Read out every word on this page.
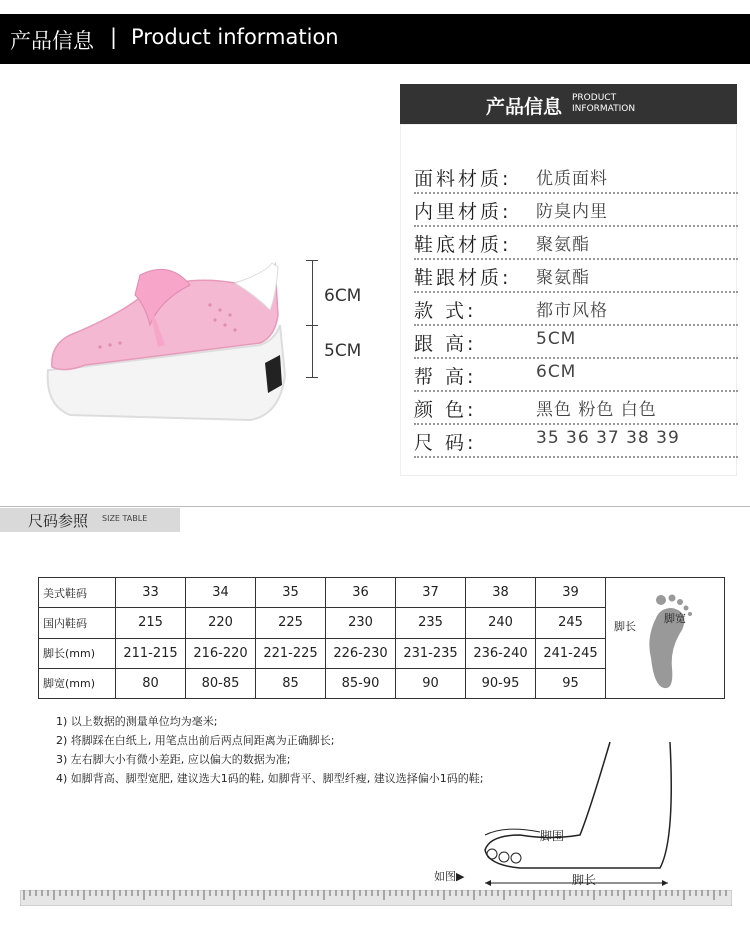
产品信息 | Product information
产品信息 PRODUCT
INFORMATION
面料材质: 优质面料
内里材质: 防臭内里
鞋底材质: 聚氨酯
鞋跟材质: 聚氨酯
款 式:	都市风格
跟 高:	5CM
帮 高:	6CM
颜 色:	黑色 粉色 白色
尺 码:	35 36 37 38 39
6CM
5CM
尺码参照 SIZE TABLE
美式鞋码	33	34	35	36	37	38	39	脚长
脚宽

国内鞋码	215	220	225	230	235	240	245	
脚长(mm)	211-215	216-220	221-225	226-230	231-235	236-240	241-245	
脚宽(mm)	80	80-85	85	85-90	90	90-95	95	
1) 以上数据的测量单位均为毫米;
2) 将脚踩在白纸上, 用笔点出前后两点间距离为正确脚长;
3) 左右脚大小有微小差距, 应以偏大的数据为准;
4) 如脚背高、脚型宽肥, 建议选大1码的鞋, 如脚背平、脚型纤瘦, 建议选择偏小1码的鞋;
脚围
脚长
如图▶
